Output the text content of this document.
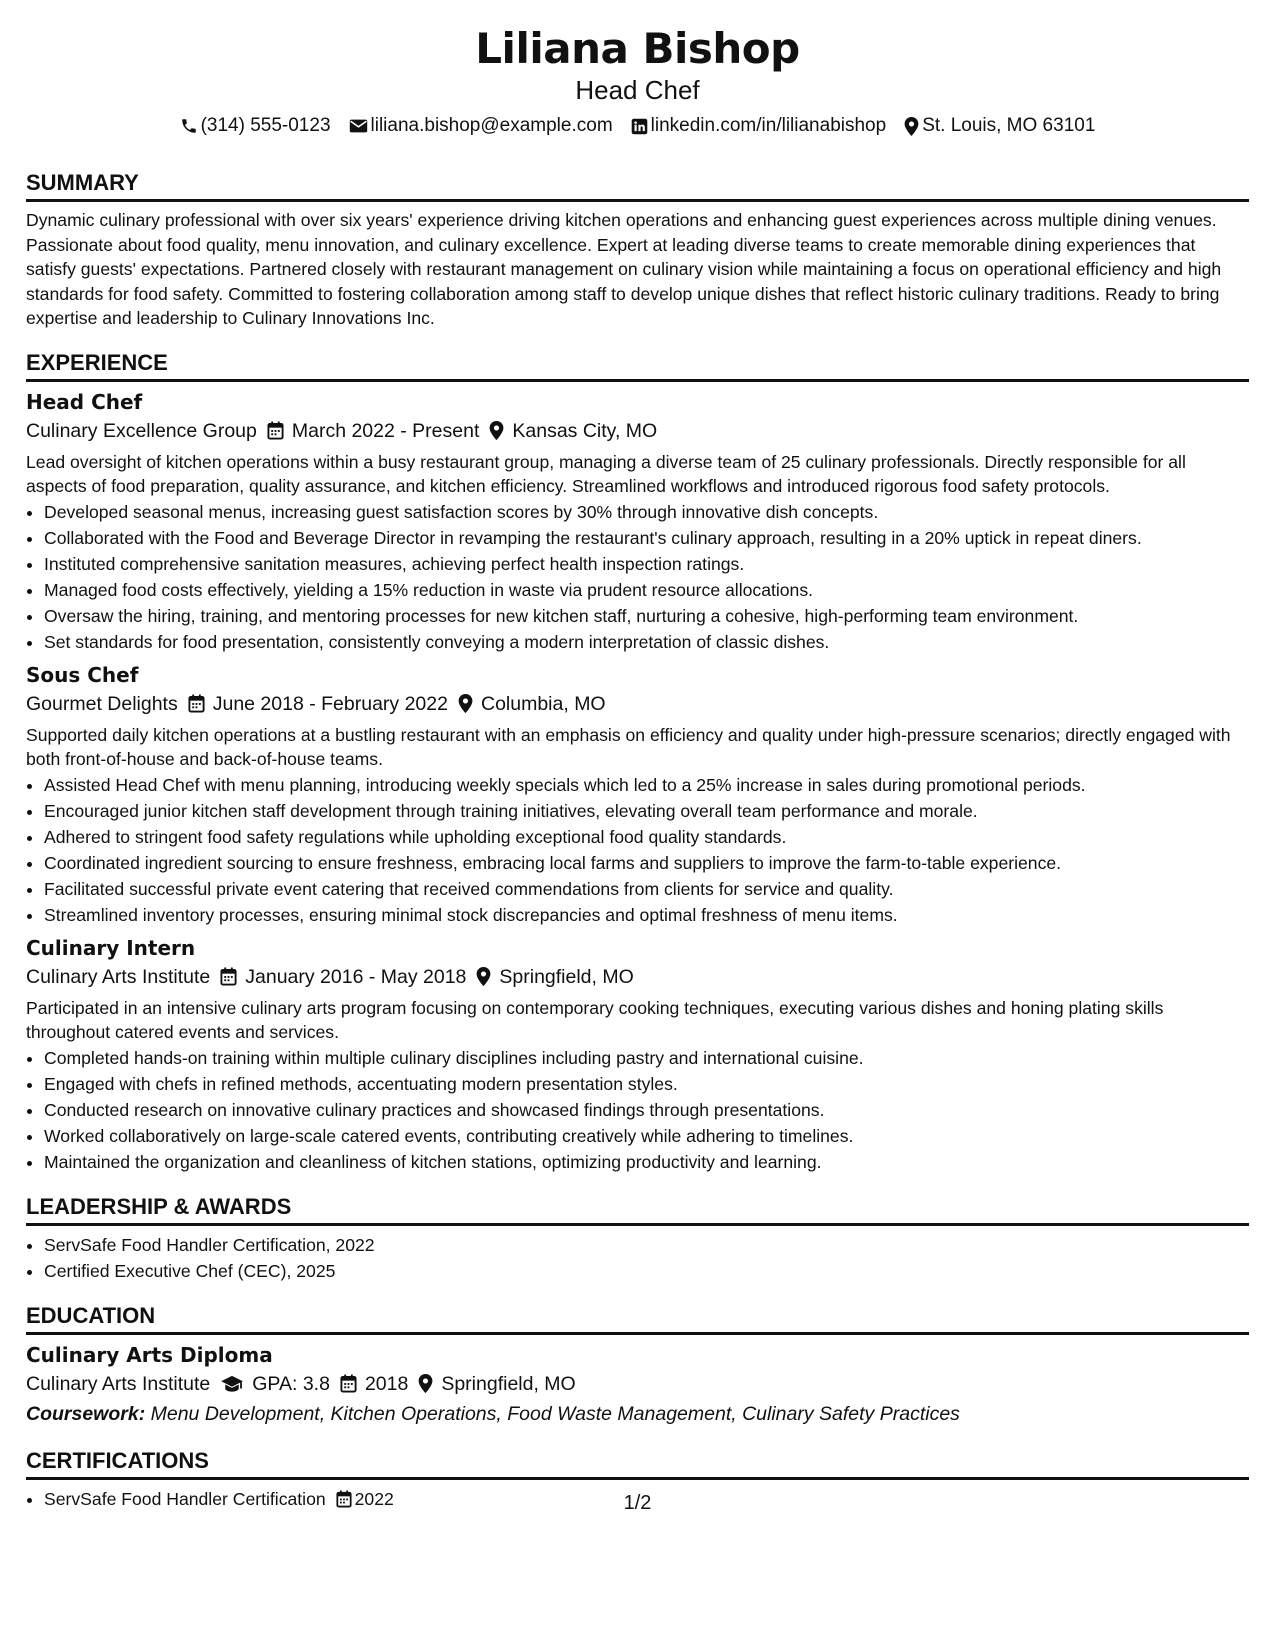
Liliana Bishop
Head Chef
(314) 555-0123 liliana.bishop@example.com linkedin.com/in/lilianabishop St. Louis, MO 63101
SUMMARY
Dynamic culinary professional with over six years' experience driving kitchen operations and enhancing guest experiences across multiple dining venues. Passionate about food quality, menu innovation, and culinary excellence. Expert at leading diverse teams to create memorable dining experiences that satisfy guests' expectations. Partnered closely with restaurant management on culinary vision while maintaining a focus on operational efficiency and high standards for food safety. Committed to fostering collaboration among staff to develop unique dishes that reflect historic culinary traditions. Ready to bring expertise and leadership to Culinary Innovations Inc.
EXPERIENCE
Head Chef
Culinary Excellence Group March 2022 - Present Kansas City, MO
Lead oversight of kitchen operations within a busy restaurant group, managing a diverse team of 25 culinary professionals. Directly responsible for all aspects of food preparation, quality assurance, and kitchen efficiency. Streamlined workflows and introduced rigorous food safety protocols.
• Developed seasonal menus, increasing guest satisfaction scores by 30% through innovative dish concepts.
• Collaborated with the Food and Beverage Director in revamping the restaurant's culinary approach, resulting in a 20% uptick in repeat diners.
• Instituted comprehensive sanitation measures, achieving perfect health inspection ratings.
• Managed food costs effectively, yielding a 15% reduction in waste via prudent resource allocations.
• Oversaw the hiring, training, and mentoring processes for new kitchen staff, nurturing a cohesive, high-performing team environment.
• Set standards for food presentation, consistently conveying a modern interpretation of classic dishes.
Sous Chef
Gourmet Delights June 2018 - February 2022 Columbia, MO
Supported daily kitchen operations at a bustling restaurant with an emphasis on efficiency and quality under high-pressure scenarios; directly engaged with both front-of-house and back-of-house teams.
• Assisted Head Chef with menu planning, introducing weekly specials which led to a 25% increase in sales during promotional periods.
• Encouraged junior kitchen staff development through training initiatives, elevating overall team performance and morale.
• Adhered to stringent food safety regulations while upholding exceptional food quality standards.
• Coordinated ingredient sourcing to ensure freshness, embracing local farms and suppliers to improve the farm-to-table experience.
• Facilitated successful private event catering that received commendations from clients for service and quality.
• Streamlined inventory processes, ensuring minimal stock discrepancies and optimal freshness of menu items.
Culinary Intern
Culinary Arts Institute January 2016 - May 2018 Springfield, MO
Participated in an intensive culinary arts program focusing on contemporary cooking techniques, executing various dishes and honing plating skills throughout catered events and services.
• Completed hands-on training within multiple culinary disciplines including pastry and international cuisine.
• Engaged with chefs in refined methods, accentuating modern presentation styles.
• Conducted research on innovative culinary practices and showcased findings through presentations.
• Worked collaboratively on large-scale catered events, contributing creatively while adhering to timelines.
• Maintained the organization and cleanliness of kitchen stations, optimizing productivity and learning.
LEADERSHIP & AWARDS
• ServSafe Food Handler Certification, 2022
• Certified Executive Chef (CEC), 2025
EDUCATION
Culinary Arts Diploma
Culinary Arts Institute GPA: 3.8 2018 Springfield, MO
Coursework: Menu Development, Kitchen Operations, Food Waste Management, Culinary Safety Practices
CERTIFICATIONS
• ServSafe Food Handler Certification 2022	1/2
